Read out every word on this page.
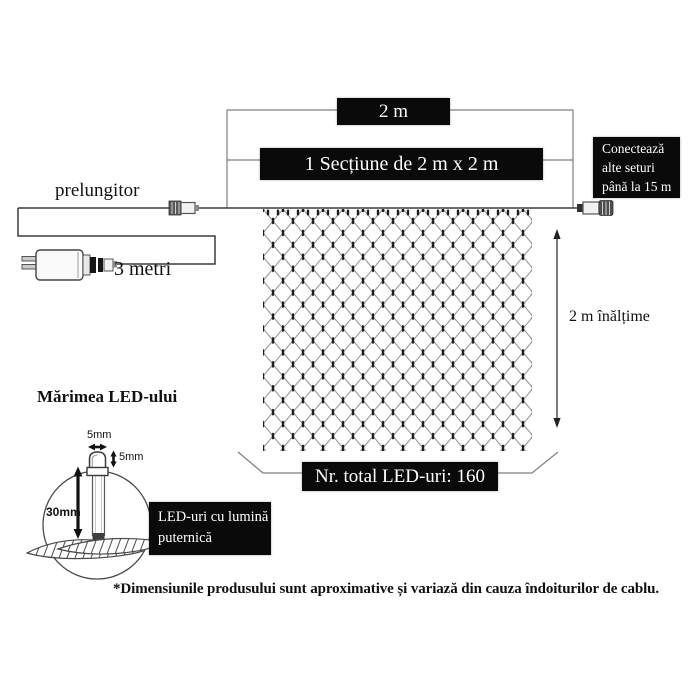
2 m
1 Secțiune de 2 m x 2 m
Conectează
alte seturi
până la 15 m
prelungitor
3 metri
2 m înălțime
Nr. total LED-uri: 160
Mărimea LED-ului
5mm
5mm
30mm	LED-uri cu lumină
puternică
*Dimensiunile produsului sunt aproximative și variază din cauza îndoiturilor de cablu.
